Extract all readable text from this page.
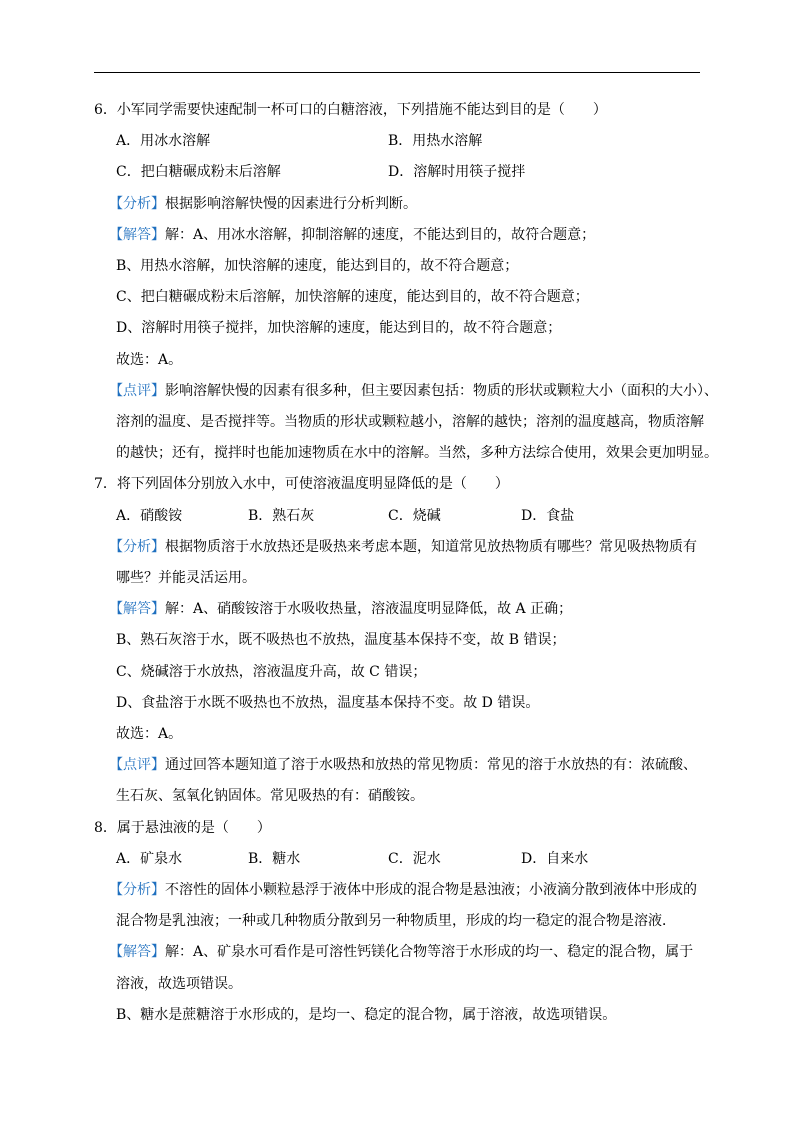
6．小军同学需要快速配制一杯可口的白糖溶液，下列措施不能达到目的是（　　）
A．用冰水溶解	B．用热水溶解
C．把白糖碾成粉末后溶解	D．溶解时用筷子搅拌
【分析】根据影响溶解快慢的因素进行分析判断。
【解答】解：A、用冰水溶解，抑制溶解的速度，不能达到目的，故符合题意；
B、用热水溶解，加快溶解的速度，能达到目的，故不符合题意；
C、把白糖碾成粉末后溶解，加快溶解的速度，能达到目的，故不符合题意；
D、溶解时用筷子搅拌，加快溶解的速度，能达到目的，故不符合题意；
故选：A。
【点评】影响溶解快慢的因素有很多种，但主要因素包括：物质的形状或颗粒大小（面积的大小）、
溶剂的温度、是否搅拌等。当物质的形状或颗粒越小，溶解的越快；溶剂的温度越高，物质溶解
的越快；还有，搅拌时也能加速物质在水中的溶解。当然，多种方法综合使用，效果会更加明显。
7．将下列固体分别放入水中，可使溶液温度明显降低的是（　　）
A．硝酸铵	B．熟石灰	C．烧碱	D．食盐
【分析】根据物质溶于水放热还是吸热来考虑本题，知道常见放热物质有哪些？常见吸热物质有
哪些？并能灵活运用。
【解答】解：A、硝酸铵溶于水吸收热量，溶液温度明显降低，故 A 正确；
B、熟石灰溶于水，既不吸热也不放热，温度基本保持不变，故 B 错误；
C、烧碱溶于水放热，溶液温度升高，故 C 错误；
D、食盐溶于水既不吸热也不放热，温度基本保持不变。故 D 错误。
故选：A。
【点评】通过回答本题知道了溶于水吸热和放热的常见物质：常见的溶于水放热的有：浓硫酸、
生石灰、氢氧化钠固体。常见吸热的有：硝酸铵。
8．属于悬浊液的是（　　）
A．矿泉水	B．糖水	C．泥水	D．自来水
【分析】不溶性的固体小颗粒悬浮于液体中形成的混合物是悬浊液；小液滴分散到液体中形成的
混合物是乳浊液；一种或几种物质分散到另一种物质里，形成的均一稳定的混合物是溶液．
【解答】解：A、矿泉水可看作是可溶性钙镁化合物等溶于水形成的均一、稳定的混合物，属于
溶液，故选项错误。
B、糖水是蔗糖溶于水形成的，是均一、稳定的混合物，属于溶液，故选项错误。
